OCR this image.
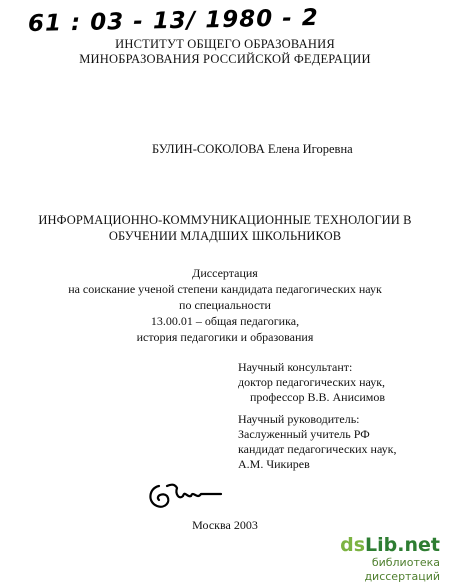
61 : 03 - 13/ 1980 - 2
ИНСТИТУТ ОБЩЕГО ОБРАЗОВАНИЯ
МИНОБРАЗОВАНИЯ РОССИЙСКОЙ ФЕДЕРАЦИИ
БУЛИН-СОКОЛОВА Елена Игоревна
ИНФОРМАЦИОННО-КОММУНИКАЦИОННЫЕ ТЕХНОЛОГИИ В
ОБУЧЕНИИ МЛАДШИХ ШКОЛЬНИКОВ
Диссертация
на соискание ученой степени кандидата педагогических наук
по специальности
13.00.01 – общая педагогика,
история педагогики и образования
Научный консультант:
доктор педагогических наук,
профессор В.В. Анисимов
Научный руководитель:
Заслуженный учитель РФ
кандидат педагогических наук,
А.М. Чикирев
Москва 2003
dsLib.net
библиотека диссертаций
